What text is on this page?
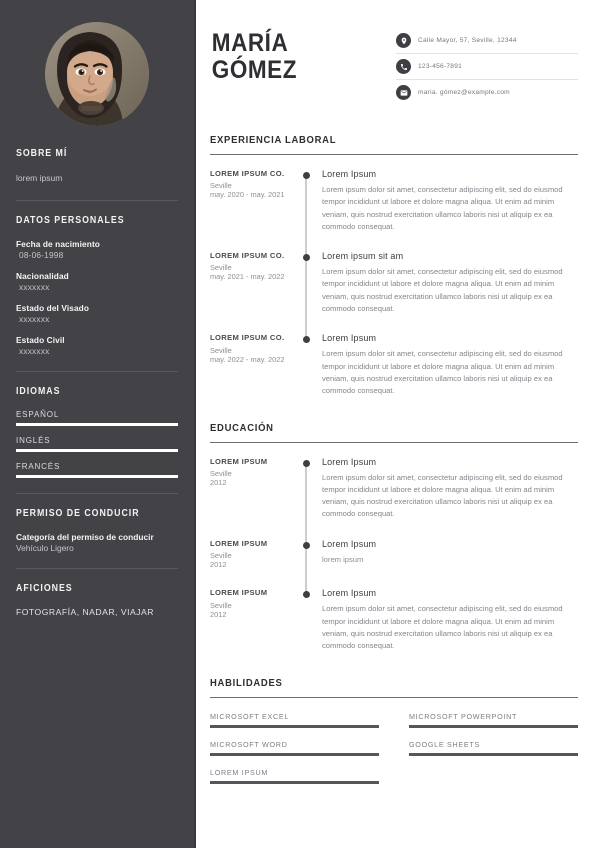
SOBRE MÍ
lorem ipsum
DATOS PERSONALES
Fecha de nacimiento
08-06-1998
Nacionalidad
xxxxxxx
Estado del Visado
xxxxxxx
Estado Civil
xxxxxxx
IDIOMAS
ESPAÑOL
INGLÉS
FRANCÉS
PERMISO DE CONDUCIR
Categoría del permiso de conducir
Vehículo Ligero
AFICIONES
FOTOGRAFÍA, NADAR, VIAJAR
MARÍA
GÓMEZ
Calle Mayor, 57, Seville, 12344
123-456-7891
maria. gómez@example.com
EXPERIENCIA LABORAL
LOREM IPSUM CO.
Seville
may. 2020 - may. 2021
Lorem Ipsum
Lorem ipsum dolor sit amet, consectetur adipiscing elit, sed do eiusmod tempor incididunt ut labore et dolore magna aliqua. Ut enim ad minim veniam, quis nostrud exercitation ullamco laboris nisi ut aliquip ex ea commodo consequat.
LOREM IPSUM CO.
Seville
may. 2021 - may. 2022
Lorem ipsum sit am
Lorem ipsum dolor sit amet, consectetur adipiscing elit, sed do eiusmod tempor incididunt ut labore et dolore magna aliqua. Ut enim ad minim veniam, quis nostrud exercitation ullamco laboris nisi ut aliquip ex ea commodo consequat.
LOREM IPSUM CO.
Seville
may. 2022 - may. 2022
Lorem Ipsum
Lorem ipsum dolor sit amet, consectetur adipiscing elit, sed do eiusmod tempor incididunt ut labore et dolore magna aliqua. Ut enim ad minim veniam, quis nostrud exercitation ullamco laboris nisi ut aliquip ex ea commodo consequat.
EDUCACIÓN
LOREM IPSUM
Seville
2012
Lorem Ipsum
Lorem ipsum dolor sit amet, consectetur adipiscing elit, sed do eiusmod tempor incididunt ut labore et dolore magna aliqua. Ut enim ad minim veniam, quis nostrud exercitation ullamco laboris nisi ut aliquip ex ea commodo consequat.
LOREM IPSUM
Seville
2012
Lorem Ipsum
lorem ipsum
LOREM IPSUM
Seville
2012
Lorem Ipsum
Lorem ipsum dolor sit amet, consectetur adipiscing elit, sed do eiusmod tempor incididunt ut labore et dolore magna aliqua. Ut enim ad minim veniam, quis nostrud exercitation ullamco laboris nisi ut aliquip ex ea commodo consequat.
HABILIDADES
MICROSOFT EXCEL	MICROSOFT POWERPOINT
MICROSOFT WORD	GOOGLE SHEETS
LOREM IPSUM
